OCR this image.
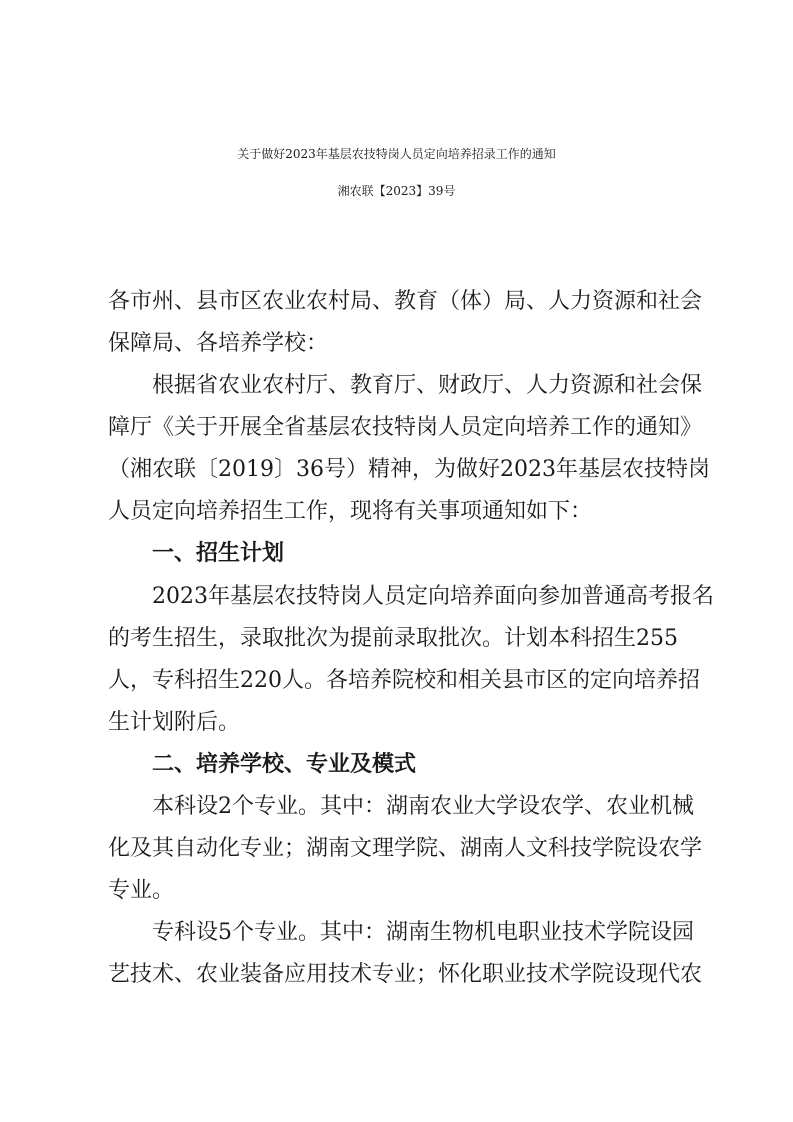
关于做好2023年基层农技特岗人员定向培养招录工作的通知
湘农联【2023】39号

各市州、县市区农业农村局、教育（体）局、人力资源和社会

保障局、各培养学校：

根据省农业农村厅、教育厅、财政厅、人力资源和社会保

障厅《关于开展全省基层农技特岗人员定向培养工作的通知》

（湘农联〔2019〕36号）精神，为做好2023年基层农技特岗

人员定向培养招生工作，现将有关事项通知如下：

一、招生计划

2023年基层农技特岗人员定向培养面向参加普通高考报名

的考生招生，录取批次为提前录取批次。计划本科招生255

人，专科招生220人。各培养院校和相关县市区的定向培养招

生计划附后。

二、培养学校、专业及模式

本科设2个专业。其中：湖南农业大学设农学、农业机械

化及其自动化专业；湖南文理学院、湖南人文科技学院设农学

专业。

专科设5个专业。其中：湖南生物机电职业技术学院设园

艺技术、农业装备应用技术专业；怀化职业技术学院设现代农
